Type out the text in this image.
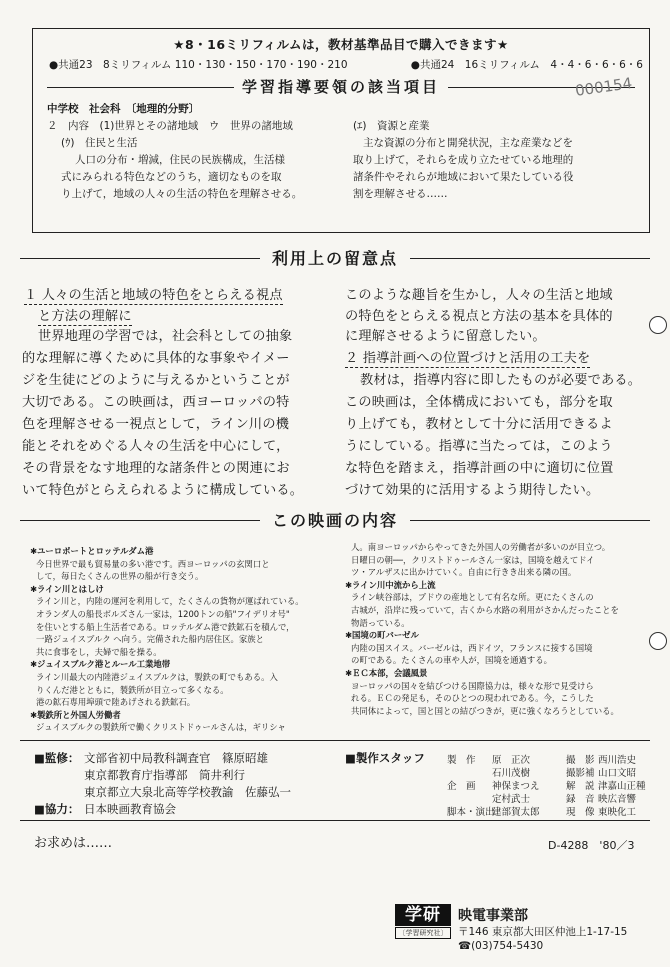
★8・16ミリフィルムは，教材基準品目で購入できます★
●共通23　8ミリフィルム 110・130・150・170・190・210	●共通24　16ミリフィルム　4・4・6・6・6・6
学習指導要領の該当項目
中学校　社会科　〔地理的分野〕
２　内容　(1)世界とその諸地域　ウ　世界の諸地域
(ｳ)　住民と生活
人口の分布・増減，住民の民族構成，生活様
式にみられる特色などのうち，適切なものを取
り上げて，地域の人々の生活の特色を理解させる。
(ｴ)　資源と産業
主な資源の分布と開発状況，主な産業などを
取り上げて，それらを成り立たせている地理的
諸条件やそれらが地域において果たしている役
割を理解させる……
000154
利用上の留意点
１ 人々の生活と地域の特色をとらえる視点
と方法の理解に
世界地理の学習では，社会科としての抽象
的な理解に導くために具体的な事象やイメー
ジを生徒にどのように与えるかということが
大切である。この映画は，西ヨーロッパの特
色を理解させる一視点として，ライン川の機
能とそれをめぐる人々の生活を中心にして，
その背景をなす地理的な諸条件との関連にお
いて特色がとらえられるように構成している。
このような趣旨を生かし，人々の生活と地域
の特色をとらえる視点と方法の基本を具体的
に理解させるように留意したい。
２ 指導計画への位置づけと活用の工夫を
教材は，指導内容に即したものが必要である。
この映画は，全体構成においても，部分を取
り上げても，教材として十分に活用できるよ
うにしている。指導に当たっては，このよう
な特色を踏まえ，指導計画の中に適切に位置
づけて効果的に活用するよう期待したい。
この映画の内容
✱ユーロポートとロッテルダム港
今日世界で最も貿易量の多い港です。西ヨーロッパの玄関口と
して，毎日たくさんの世界の船が行き交う。
✱ライン川とはしけ
ライン川と，内陸の運河を利用して，たくさんの貨物が運ばれている。
オランダ人の船長ボルズさん一家は，1200トンの船"フイデリオ号"
を住いとする船上生活者である。ロッテルダム港で鉄鉱石を積んで，
一路ジュイスブルク へ向う。完備された船内居住区。家族と
共に食事をし，夫婦で船を操る。
✱ジュイスブルク港とルール工業地帯
ライン川最大の内陸港ジュイスブルクは，製鉄の町でもある。入
りくんだ港とともに，製鉄所が目立って多くなる。
港の鉱石専用埠頭で陸あげされる鉄鉱石。
✱製鉄所と外国人労働者
ジュイスブルクの製鉄所で働くクリストドゥールさんは，ギリシャ
人。南ヨーロッパからやってきた外国人の労働者が多いのが目立つ。
日曜日の朝──，クリストドゥールさん一家は，国境を越えてドイ
ツ・アルザスに出かけていく。自由に行きき出来る隣の国。
✱ライン川中流から上流
ライン峡谷部は，ブドウの産地として有名な所。更にたくさんの
古城が，沿岸に残っていて，古くから水路の利用がさかんだったことを
物語っている。
✱国境の町バーゼル
内陸の国スイス。バーゼルは，西ドイツ，フランスに接する国境
の町である。たくさんの車や人が，国境を通過する。
✱ＥＣ本部，会議風景
ヨーロッパの国々を結びつける国際協力は，様々な形で見受けら
れる。ＥＣの発足も，そのひとつの現われである。今，こうした
共同体によって，国と国との結びつきが，更に強くなろうとしている。
■監修： 文部省初中局教科調査官　篠原昭雄
東京都教育庁指導部　筒井利行
東京都立大泉北高等学校教諭　佐藤弘一
■協力： 日本映画教育協会
■製作スタッフ 製　作 原　正次
石川茂樹
企　画 神保まつえ
定村武士
脚本・演出
建部賀太郎
撮　影 西川浩史
撮影補 山口文昭
解　説 津嘉山正種
録　音 映広音響
現　像 東映化工
お求めは……	D-4288　'80／3
学研
〔学習研究社〕
映電事業部
〒146 東京都大田区仲池上1-17-15
☎(03)754-5430
